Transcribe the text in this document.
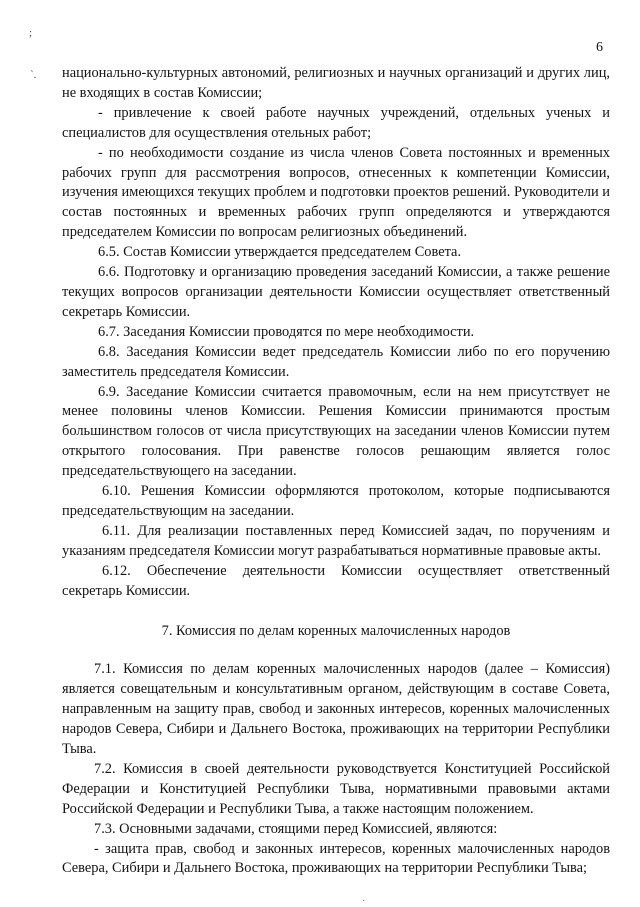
6
;
`. национально-культурных автономий, религиозных и научных организаций и других лиц, не входящих в состав Комиссии;

- привлечение к своей работе научных учреждений, отдельных ученых и специалистов для осуществления отельных работ;

- по необходимости создание из числа членов Совета постоянных и временных рабочих групп для рассмотрения вопросов, отнесенных к компетенции Комиссии, изучения имеющихся текущих проблем и подготовки проектов решений. Руководители и состав постоянных и временных рабочих групп определяются и утверждаются председателем Комиссии по вопросам религиозных объединений.

6.5. Состав Комиссии утверждается председателем Совета.

6.6. Подготовку и организацию проведения заседаний Комиссии, а также решение текущих вопросов организации деятельности Комиссии осуществляет ответственный секретарь Комиссии.

6.7. Заседания Комиссии проводятся по мере необходимости.

6.8. Заседания Комиссии ведет председатель Комиссии либо по его поручению заместитель председателя Комиссии.

6.9. Заседание Комиссии считается правомочным, если на нем присутствует не менее половины членов Комиссии. Решения Комиссии принимаются простым большинством голосов от числа присутствующих на заседании членов Комиссии путем открытого голосования. При равенстве голосов решающим является голос председательствующего на заседании.

6.10. Решения Комиссии оформляются протоколом, которые подписываются председательствующим на заседании.

6.11. Для реализации поставленных перед Комиссией задач, по поручениям и указаниям председателя Комиссии могут разрабатываться нормативные правовые акты.

6.12. Обеспечение деятельности Комиссии осуществляет ответственный секретарь Комиссии.

7. Комиссия по делам коренных малочисленных народов

7.1. Комиссия по делам коренных малочисленных народов (далее – Комиссия) является совещательным и консультативным органом, действующим в составе Совета, направленным на защиту прав, свобод и законных интересов, коренных малочисленных народов Севера, Сибири и Дальнего Востока, проживающих на территории Республики Тыва.

7.2. Комиссия в своей деятельности руководствуется Конституцией Российской Федерации и Конституцией Республики Тыва, нормативными правовыми актами Российской Федерации и Республики Тыва, а также настоящим положением.

7.3. Основными задачами, стоящими перед Комиссией, являются:

- защита прав, свобод и законных интересов, коренных малочисленных народов Севера, Сибири и Дальнего Востока, проживающих на территории Республики Тыва;

·
